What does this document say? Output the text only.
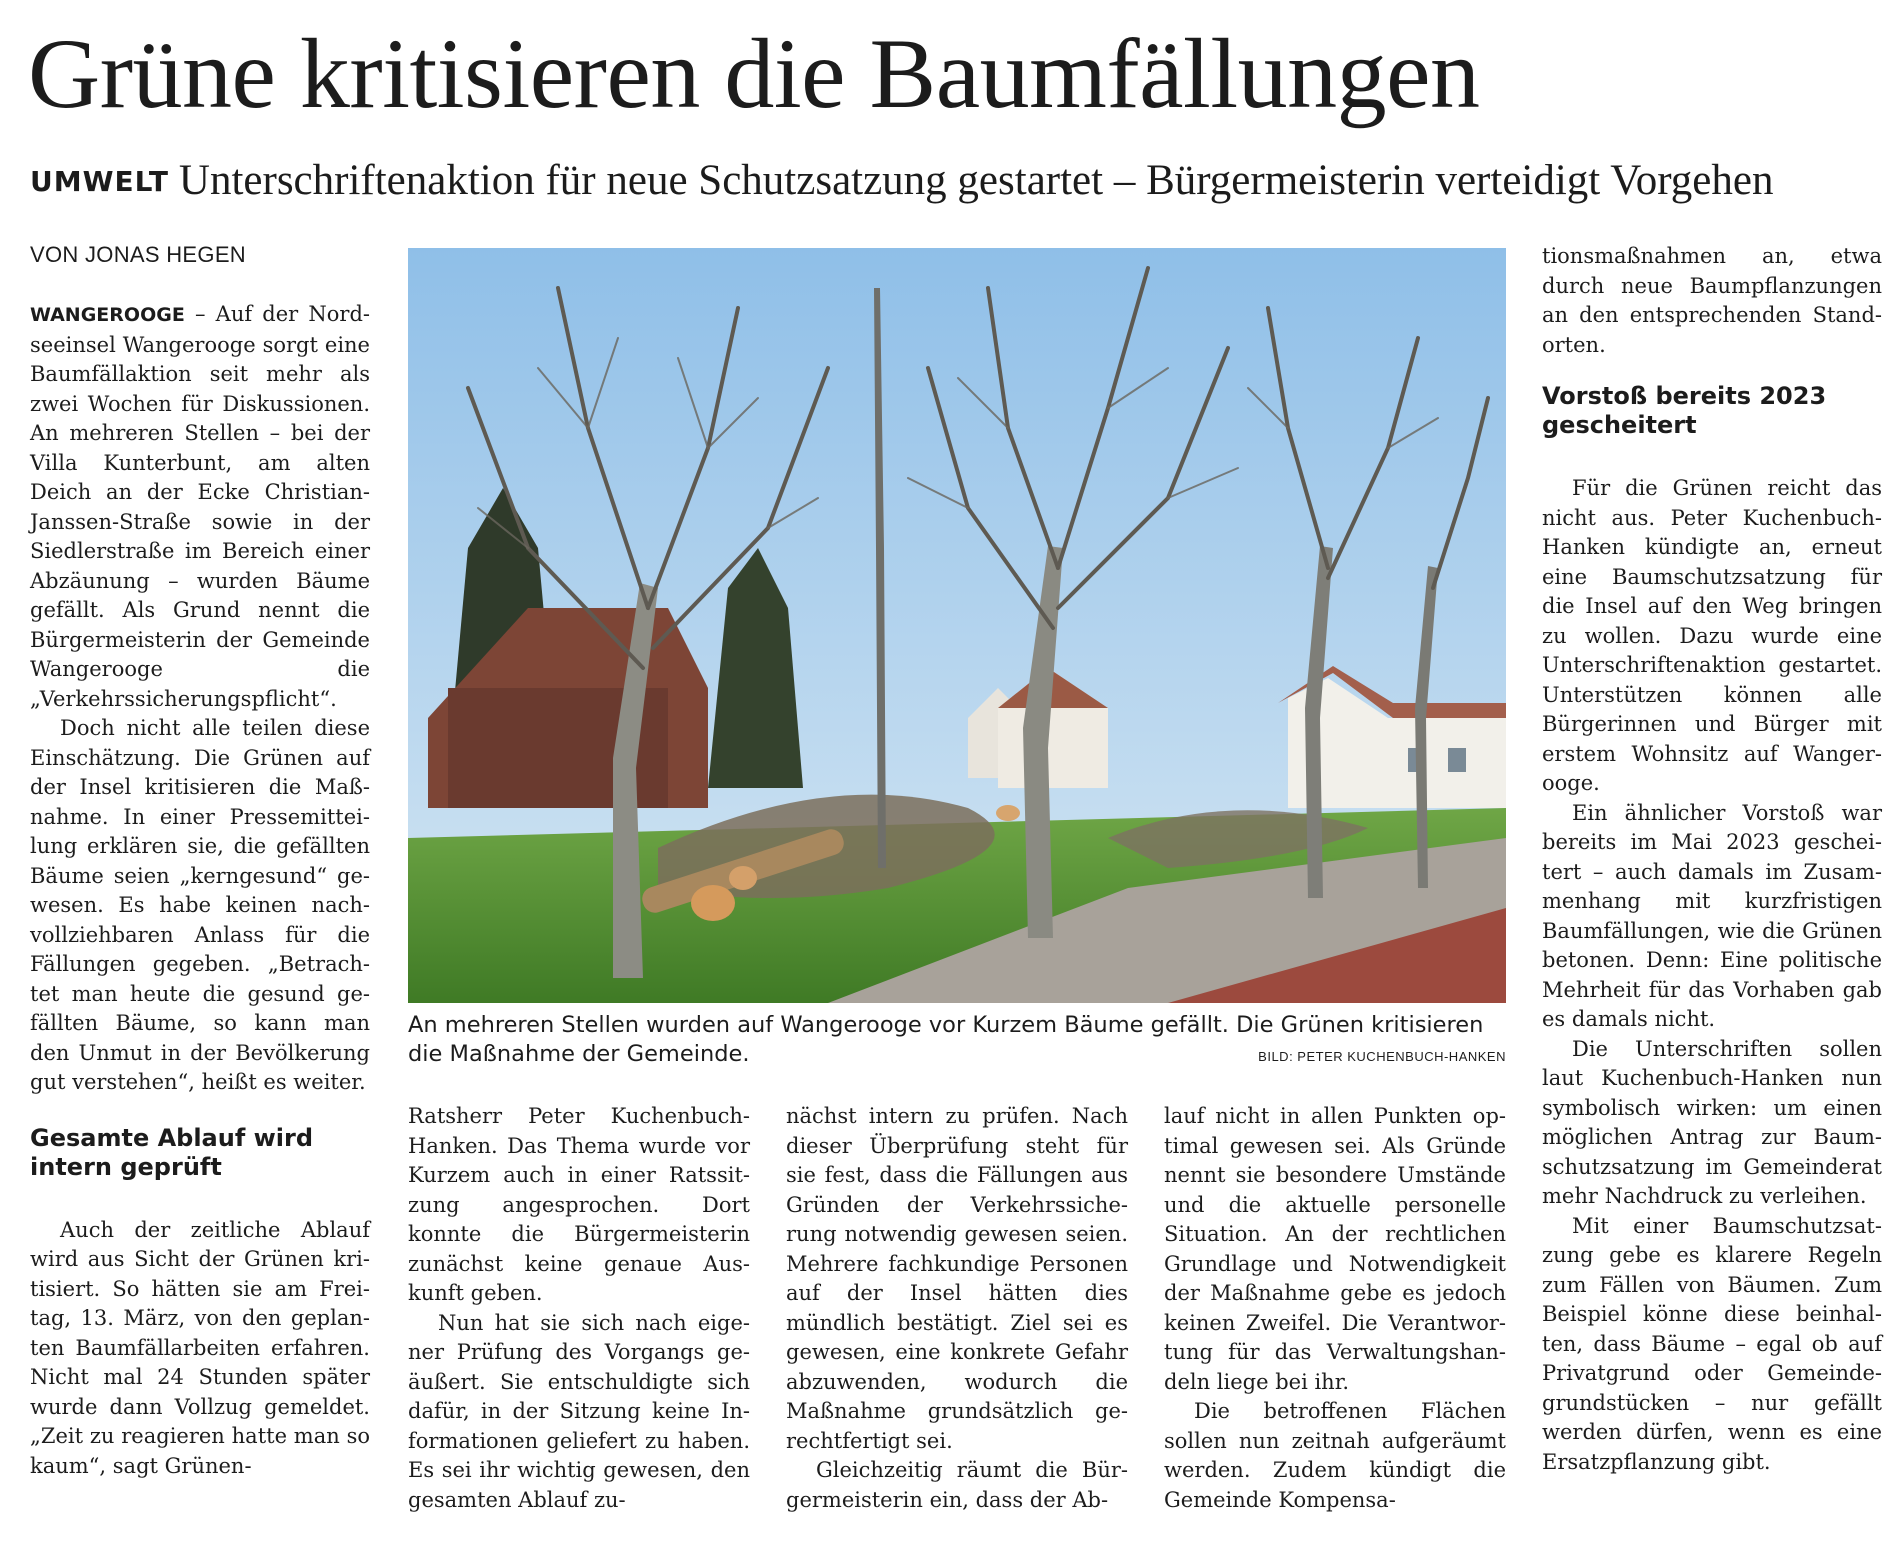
Grüne kritisieren die Baumfällungen
UMWELT Unterschriftenaktion für neue Schutzsatzung gestartet – Bürgermeisterin verteidigt Vorgehen
VON JONAS HEGEN

WANGEROOGE – Auf der Nordseeinsel Wangerooge sorgt eine Baumfällaktion seit mehr als zwei Wochen für Diskussionen. An mehreren Stellen – bei der Villa Kunterbunt, am alten Deich an der Ecke Christian-Janssen-Straße sowie in der Siedlerstraße im Bereich einer Abzäunung – wurden Bäume gefällt. Als Grund nennt die Bürgermeisterin der Gemeinde Wangerooge die „Verkehrssicherungspflicht“.

Doch nicht alle teilen diese Einschätzung. Die Grünen auf der Insel kritisieren die Maßnahme. In einer Pressemitteilung erklären sie, die gefällten Bäume seien „kerngesund“ gewesen. Es habe keinen nachvollziehbaren Anlass für die Fällungen gegeben. „Betrachtet man heute die gesund gefällten Bäume, so kann man den Unmut in der Bevölkerung gut verstehen“, heißt es weiter.

Gesamte Ablauf wird intern geprüft

Auch der zeitliche Ablauf wird aus Sicht der Grünen kritisiert. So hätten sie am Freitag, 13. März, von den geplanten Baumfällarbeiten erfahren. Nicht mal 24 Stunden später wurde dann Vollzug gemeldet. „Zeit zu reagieren hatte man so kaum“, sagt Grünen-

An mehreren Stellen wurden auf Wangerooge vor Kurzem Bäume gefällt. Die Grünen kritisieren die Maßnahme der Gemeinde.	BILD: PETER KUCHENBUCH-HANKEN

Ratsherr Peter Kuchenbuch-Hanken. Das Thema wurde vor Kurzem auch in einer Ratssitzung angesprochen. Dort konnte die Bürgermeisterin zunächst keine genaue Auskunft geben.

Nun hat sie sich nach eigener Prüfung des Vorgangs geäußert. Sie entschuldigte sich dafür, in der Sitzung keine Informationen geliefert zu haben. Es sei ihr wichtig gewesen, den gesamten Ablauf zu-

nächst intern zu prüfen. Nach dieser Überprüfung steht für sie fest, dass die Fällungen aus Gründen der Verkehrssicherung notwendig gewesen seien. Mehrere fachkundige Personen auf der Insel hätten dies mündlich bestätigt. Ziel sei es gewesen, eine konkrete Gefahr abzuwenden, wodurch die Maßnahme grundsätzlich gerechtfertigt sei.

Gleichzeitig räumt die Bürgermeisterin ein, dass der Ab-

lauf nicht in allen Punkten optimal gewesen sei. Als Gründe nennt sie besondere Umstände und die aktuelle personelle Situation. An der rechtlichen Grundlage und Notwendigkeit der Maßnahme gebe es jedoch keinen Zweifel. Die Verantwortung für das Verwaltungshandeln liege bei ihr.

Die betroffenen Flächen sollen nun zeitnah aufgeräumt werden. Zudem kündigt die Gemeinde Kompensa-

tionsmaßnahmen an, etwa durch neue Baumpflanzungen an den entsprechenden Standorten.

Vorstoß bereits 2023 gescheitert

Für die Grünen reicht das nicht aus. Peter Kuchenbuch-Hanken kündigte an, erneut eine Baumschutzsatzung für die Insel auf den Weg bringen zu wollen. Dazu wurde eine Unterschriftenaktion gestartet. Unterstützen können alle Bürgerinnen und Bürger mit erstem Wohnsitz auf Wangerooge.

Ein ähnlicher Vorstoß war bereits im Mai 2023 gescheitert – auch damals im Zusammenhang mit kurzfristigen Baumfällungen, wie die Grünen betonen. Denn: Eine politische Mehrheit für das Vorhaben gab es damals nicht.

Die Unterschriften sollen laut Kuchenbuch-Hanken nun symbolisch wirken: um einen möglichen Antrag zur Baumschutzsatzung im Gemeinderat mehr Nachdruck zu verleihen.

Mit einer Baumschutzsatzung gebe es klarere Regeln zum Fällen von Bäumen. Zum Beispiel könne diese beinhalten, dass Bäume – egal ob auf Privatgrund oder Gemeindegrundstücken – nur gefällt werden dürfen, wenn es eine Ersatzpflanzung gibt.
